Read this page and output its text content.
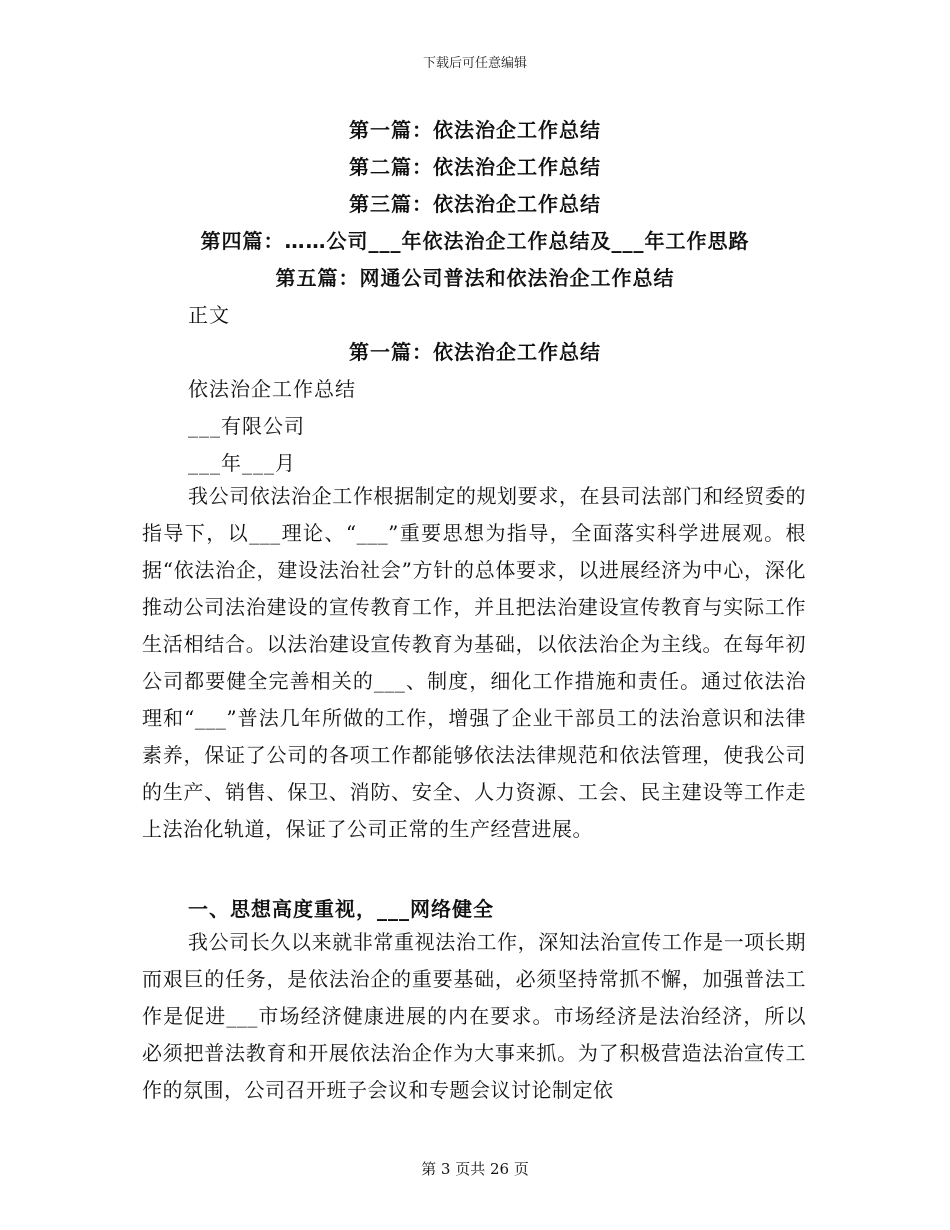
下载后可任意编辑
第一篇：依法治企工作总结
第二篇：依法治企工作总结
第三篇：依法治企工作总结
第四篇：……公司___年依法治企工作总结及___年工作思路
第五篇：网通公司普法和依法治企工作总结
正文
第一篇：依法治企工作总结
依法治企工作总结
___有限公司
___年___月

我公司依法治企工作根据制定的规划要求，在县司法部门和经贸委的指导下，以___理论、“___”重要思想为指导，全面落实科学进展观。根据“依法治企，建设法治社会”方针的总体要求，以进展经济为中心，深化推动公司法治建设的宣传教育工作，并且把法治建设宣传教育与实际工作生活相结合。以法治建设宣传教育为基础，以依法治企为主线。在每年初公司都要健全完善相关的___、制度，细化工作措施和责任。通过依法治理和“___”普法几年所做的工作，增强了企业干部员工的法治意识和法律素养，保证了公司的各项工作都能够依法法律规范和依法管理，使我公司的生产、销售、保卫、消防、安全、人力资源、工会、民主建设等工作走上法治化轨道，保证了公司正常的生产经营进展。

一、思想高度重视，___网络健全

我公司长久以来就非常重视法治工作，深知法治宣传工作是一项长期而艰巨的任务，是依法治企的重要基础，必须坚持常抓不懈，加强普法工作是促进___市场经济健康进展的内在要求。市场经济是法治经济，所以必须把普法教育和开展依法治企作为大事来抓。为了积极营造法治宣传工作的氛围，公司召开班子会议和专题会议讨论制定依

第 3 页共 26 页
